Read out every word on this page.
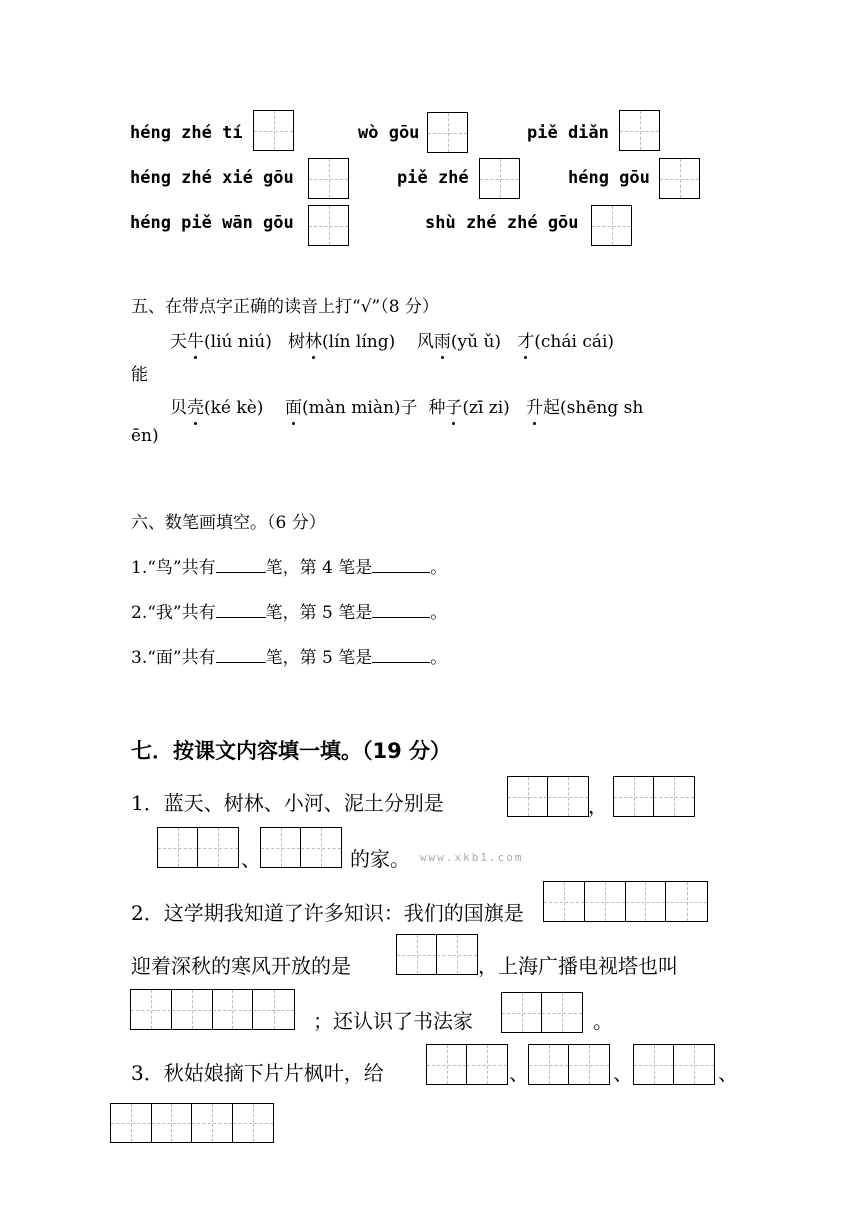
héng zhé tí	wò gōu	piě diǎn
héng zhé xié gōu	piě zhé	héng gōu
héng piě wān gōu	shù zhé zhé gōu
五、在带点字正确的读音上打“√”（8 分）
天牛(liú niú) 树林(lín líng) 风雨(yǔ ǔ) 才(chái cái)
能
贝壳(ké kè) 面(màn miàn)子 种子(zī zi) 升起(shēng sh
ēn)
六、数笔画填空。（6 分）
1.“鸟”共有	笔，第 4 笔是	。
2.“我”共有	笔，第 5 笔是	。
3.“面”共有	笔，第 5 笔是	。
七．按课文内容填一填。（19 分）
1．蓝天、树林、小河、泥土分别是	，
、	的家。 www.xkb1.com
2．这学期我知道了许多知识：我们的国旗是
迎着深秋的寒风开放的是	，上海广播电视塔也叫
；还认识了书法家	。
3．秋姑娘摘下片片枫叶，给	、	、	、
